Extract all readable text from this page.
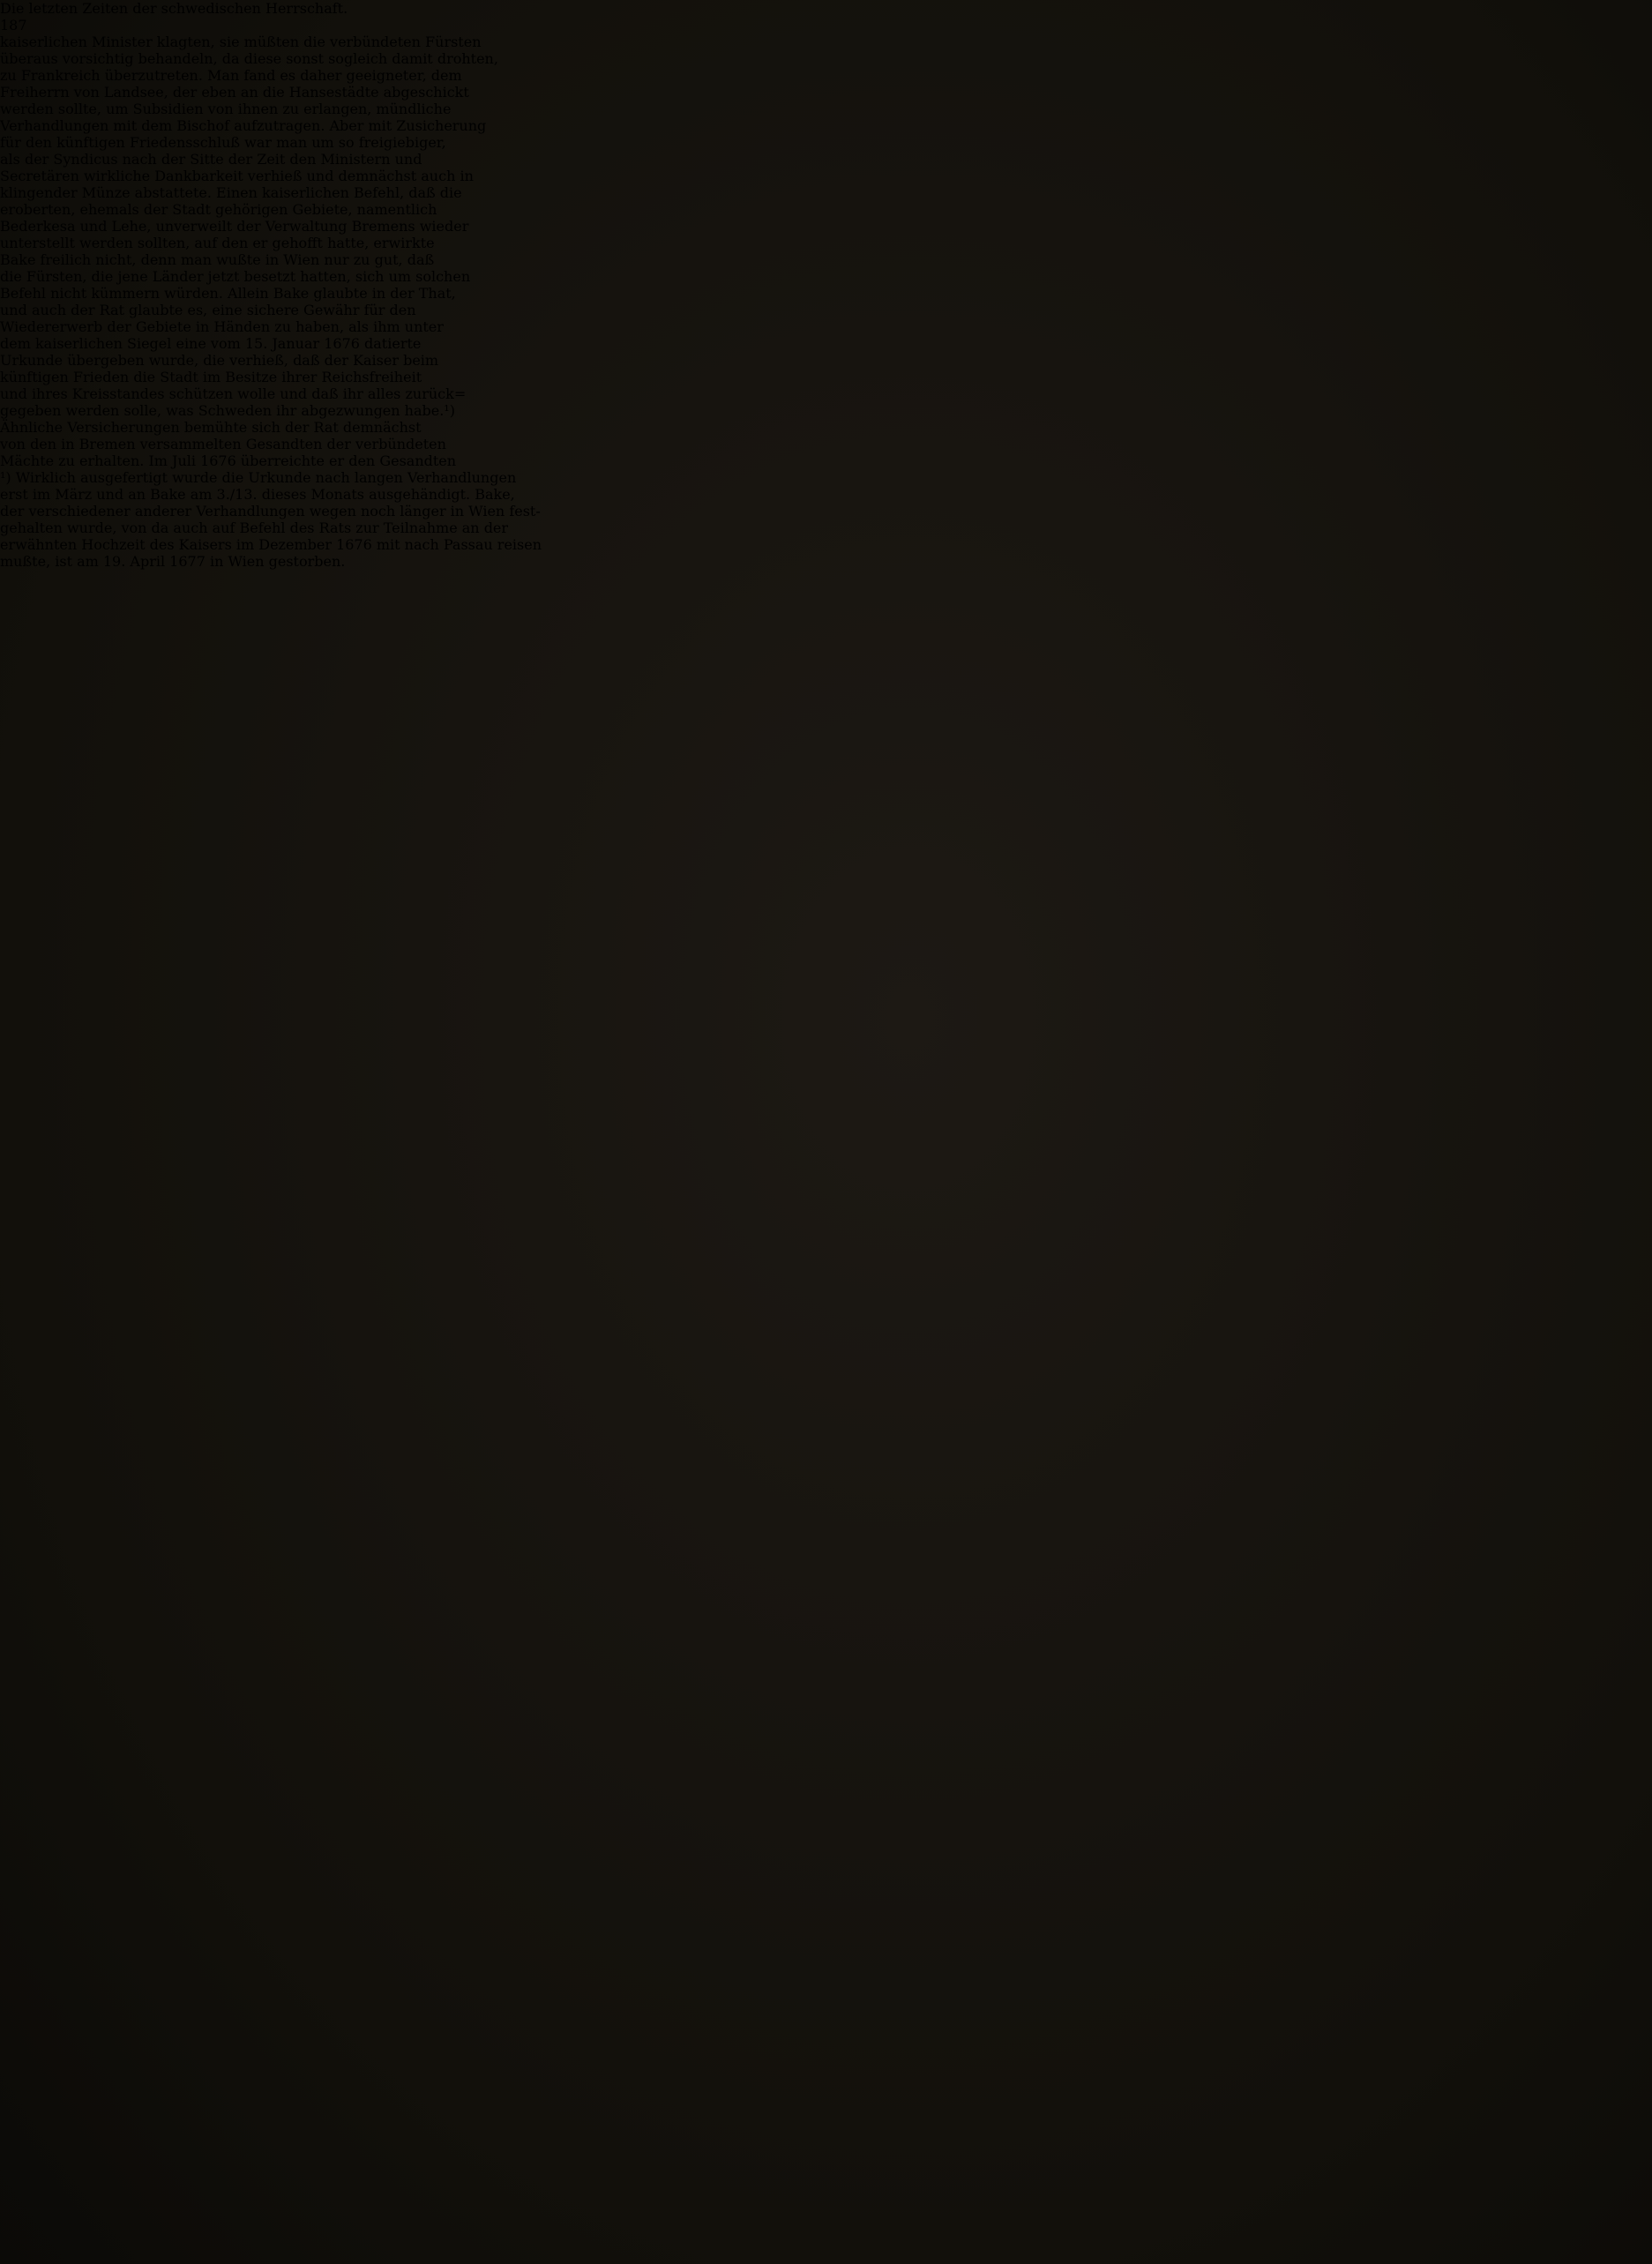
Die letzten Zeiten der schwedischen Herrschaft.
187
kaiserlichen Minister klagten, sie müßten die verbündeten Fürsten
überaus vorsichtig behandeln, da diese sonst sogleich damit drohten,
zu Frankreich überzutreten. Man fand es daher geeigneter, dem
Freiherrn von Landsee, der eben an die Hansestädte abgeschickt
werden sollte, um Subsidien von ihnen zu erlangen, mündliche
Verhandlungen mit dem Bischof aufzutragen. Aber mit Zusicherung
für den künftigen Friedensschluß war man um so freigiebiger,
als der Syndicus nach der Sitte der Zeit den Ministern und
Secretären wirkliche Dankbarkeit verhieß und demnächst auch in
klingender Münze abstattete. Einen kaiserlichen Befehl, daß die
eroberten, ehemals der Stadt gehörigen Gebiete, namentlich
Bederkesa und Lehe, unverweilt der Verwaltung Bremens wieder
unterstellt werden sollten, auf den er gehofft hatte, erwirkte
Bake freilich nicht, denn man wußte in Wien nur zu gut, daß
die Fürsten, die jene Länder jetzt besetzt hatten, sich um solchen
Befehl nicht kümmern würden. Allein Bake glaubte in der That,
und auch der Rat glaubte es, eine sichere Gewähr für den
Wiedererwerb der Gebiete in Händen zu haben, als ihm unter
dem kaiserlichen Siegel eine vom 15. Januar 1676 datierte
Urkunde übergeben wurde, die verhieß, daß der Kaiser beim
künftigen Frieden die Stadt im Besitze ihrer Reichsfreiheit
und ihres Kreisstandes schützen wolle und daß ihr alles zurück=
gegeben werden solle, was Schweden ihr abgezwungen habe.¹)
Ähnliche Versicherungen bemühte sich der Rat demnächst
von den in Bremen versammelten Gesandten der verbündeten
Mächte zu erhalten. Im Juli 1676 überreichte er den Gesandten
¹) Wirklich ausgefertigt wurde die Urkunde nach langen Verhandlungen
erst im März und an Bake am 3./13. dieses Monats ausgehändigt. Bake,
der verschiedener anderer Verhandlungen wegen noch länger in Wien fest-
gehalten wurde, von da auch auf Befehl des Rats zur Teilnahme an der
erwähnten Hochzeit des Kaisers im Dezember 1676 mit nach Passau reisen
mußte, ist am 19. April 1677 in Wien gestorben.
